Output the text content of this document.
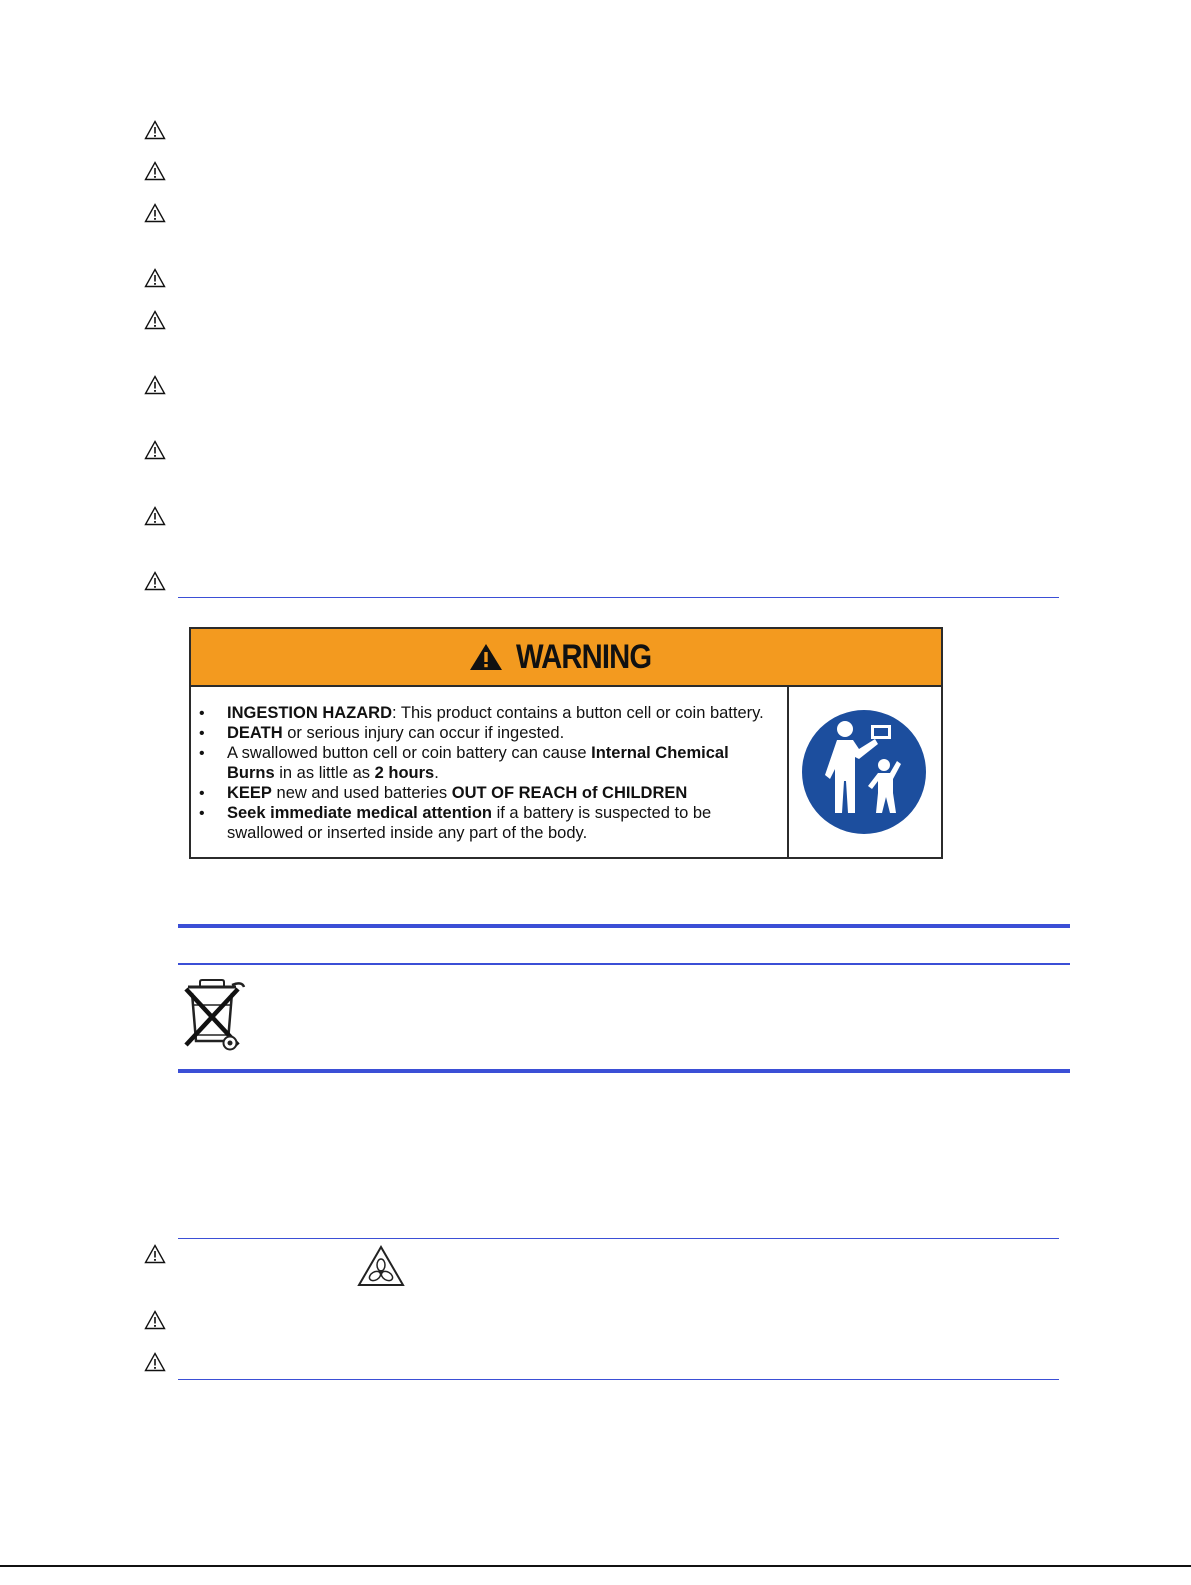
WARNING
• INGESTION HAZARD: This product contains a button cell or coin battery.
• DEATH or serious injury can occur if ingested.
• A swallowed button cell or coin battery can cause Internal Chemical
Burns in as little as 2 hours.
• KEEP new and used batteries OUT OF REACH of CHILDREN
• Seek immediate medical attention if a battery is suspected to be
swallowed or inserted inside any part of the body.
